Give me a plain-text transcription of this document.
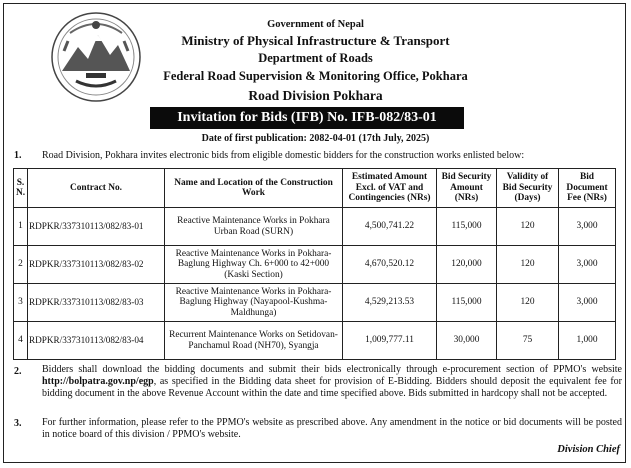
Government of Nepal
Ministry of Physical Infrastructure & Transport
Department of Roads
Federal Road Supervision & Monitoring Office, Pokhara
Road Division Pokhara
Invitation for Bids (IFB) No. IFB-082/83-01
Date of first publication: 2082-04-01 (17th July, 2025)
1. Road Division, Pokhara invites electronic bids from eligible domestic bidders for the construction works enlisted below:
S. N.	Contract No.	Name and Location of the Construction Work	Estimated Amount Excl. of VAT and Contingencies (NRs)	Bid Security Amount (NRs)	Validity of Bid Security (Days)	Bid Document Fee (NRs)
1	RDPKR/337310113/082/83-01	Reactive Maintenance Works in Pokhara Urban Road (SURN)	4,500,741.22	115,000	120	3,000
2	RDPKR/337310113/082/83-02	Reactive Maintenance Works in Pokhara-Baglung Highway Ch. 6+000 to 42+000 (Kaski Section)	4,670,520.12	120,000	120	3,000
3	RDPKR/337310113/082/83-03	Reactive Maintenance Works in Pokhara-Baglung Highway (Nayapool-Kushma-Maldhunga)	4,529,213.53	115,000	120	3,000
4	RDPKR/337310113/082/83-04	Recurrent Maintenance Works on Setidovan-Panchamul Road (NH70), Syangja	1,009,777.11	30,000	75	1,000
2. Bidders shall download the bidding documents and submit their bids electronically through e-procurement section of PPMO's website http://bolpatra.gov.np/egp, as specified in the Bidding data sheet for provision of E-Bidding. Bidders should deposit the equivalent fee for bidding document in the above Revenue Account within the date and time specified above. Bids submitted in hardcopy shall not be accepted.
3. For further information, please refer to the PPMO's website as prescribed above. Any amendment in the notice or bid documents will be posted in notice board of this division / PPMO's website.
Division Chief
